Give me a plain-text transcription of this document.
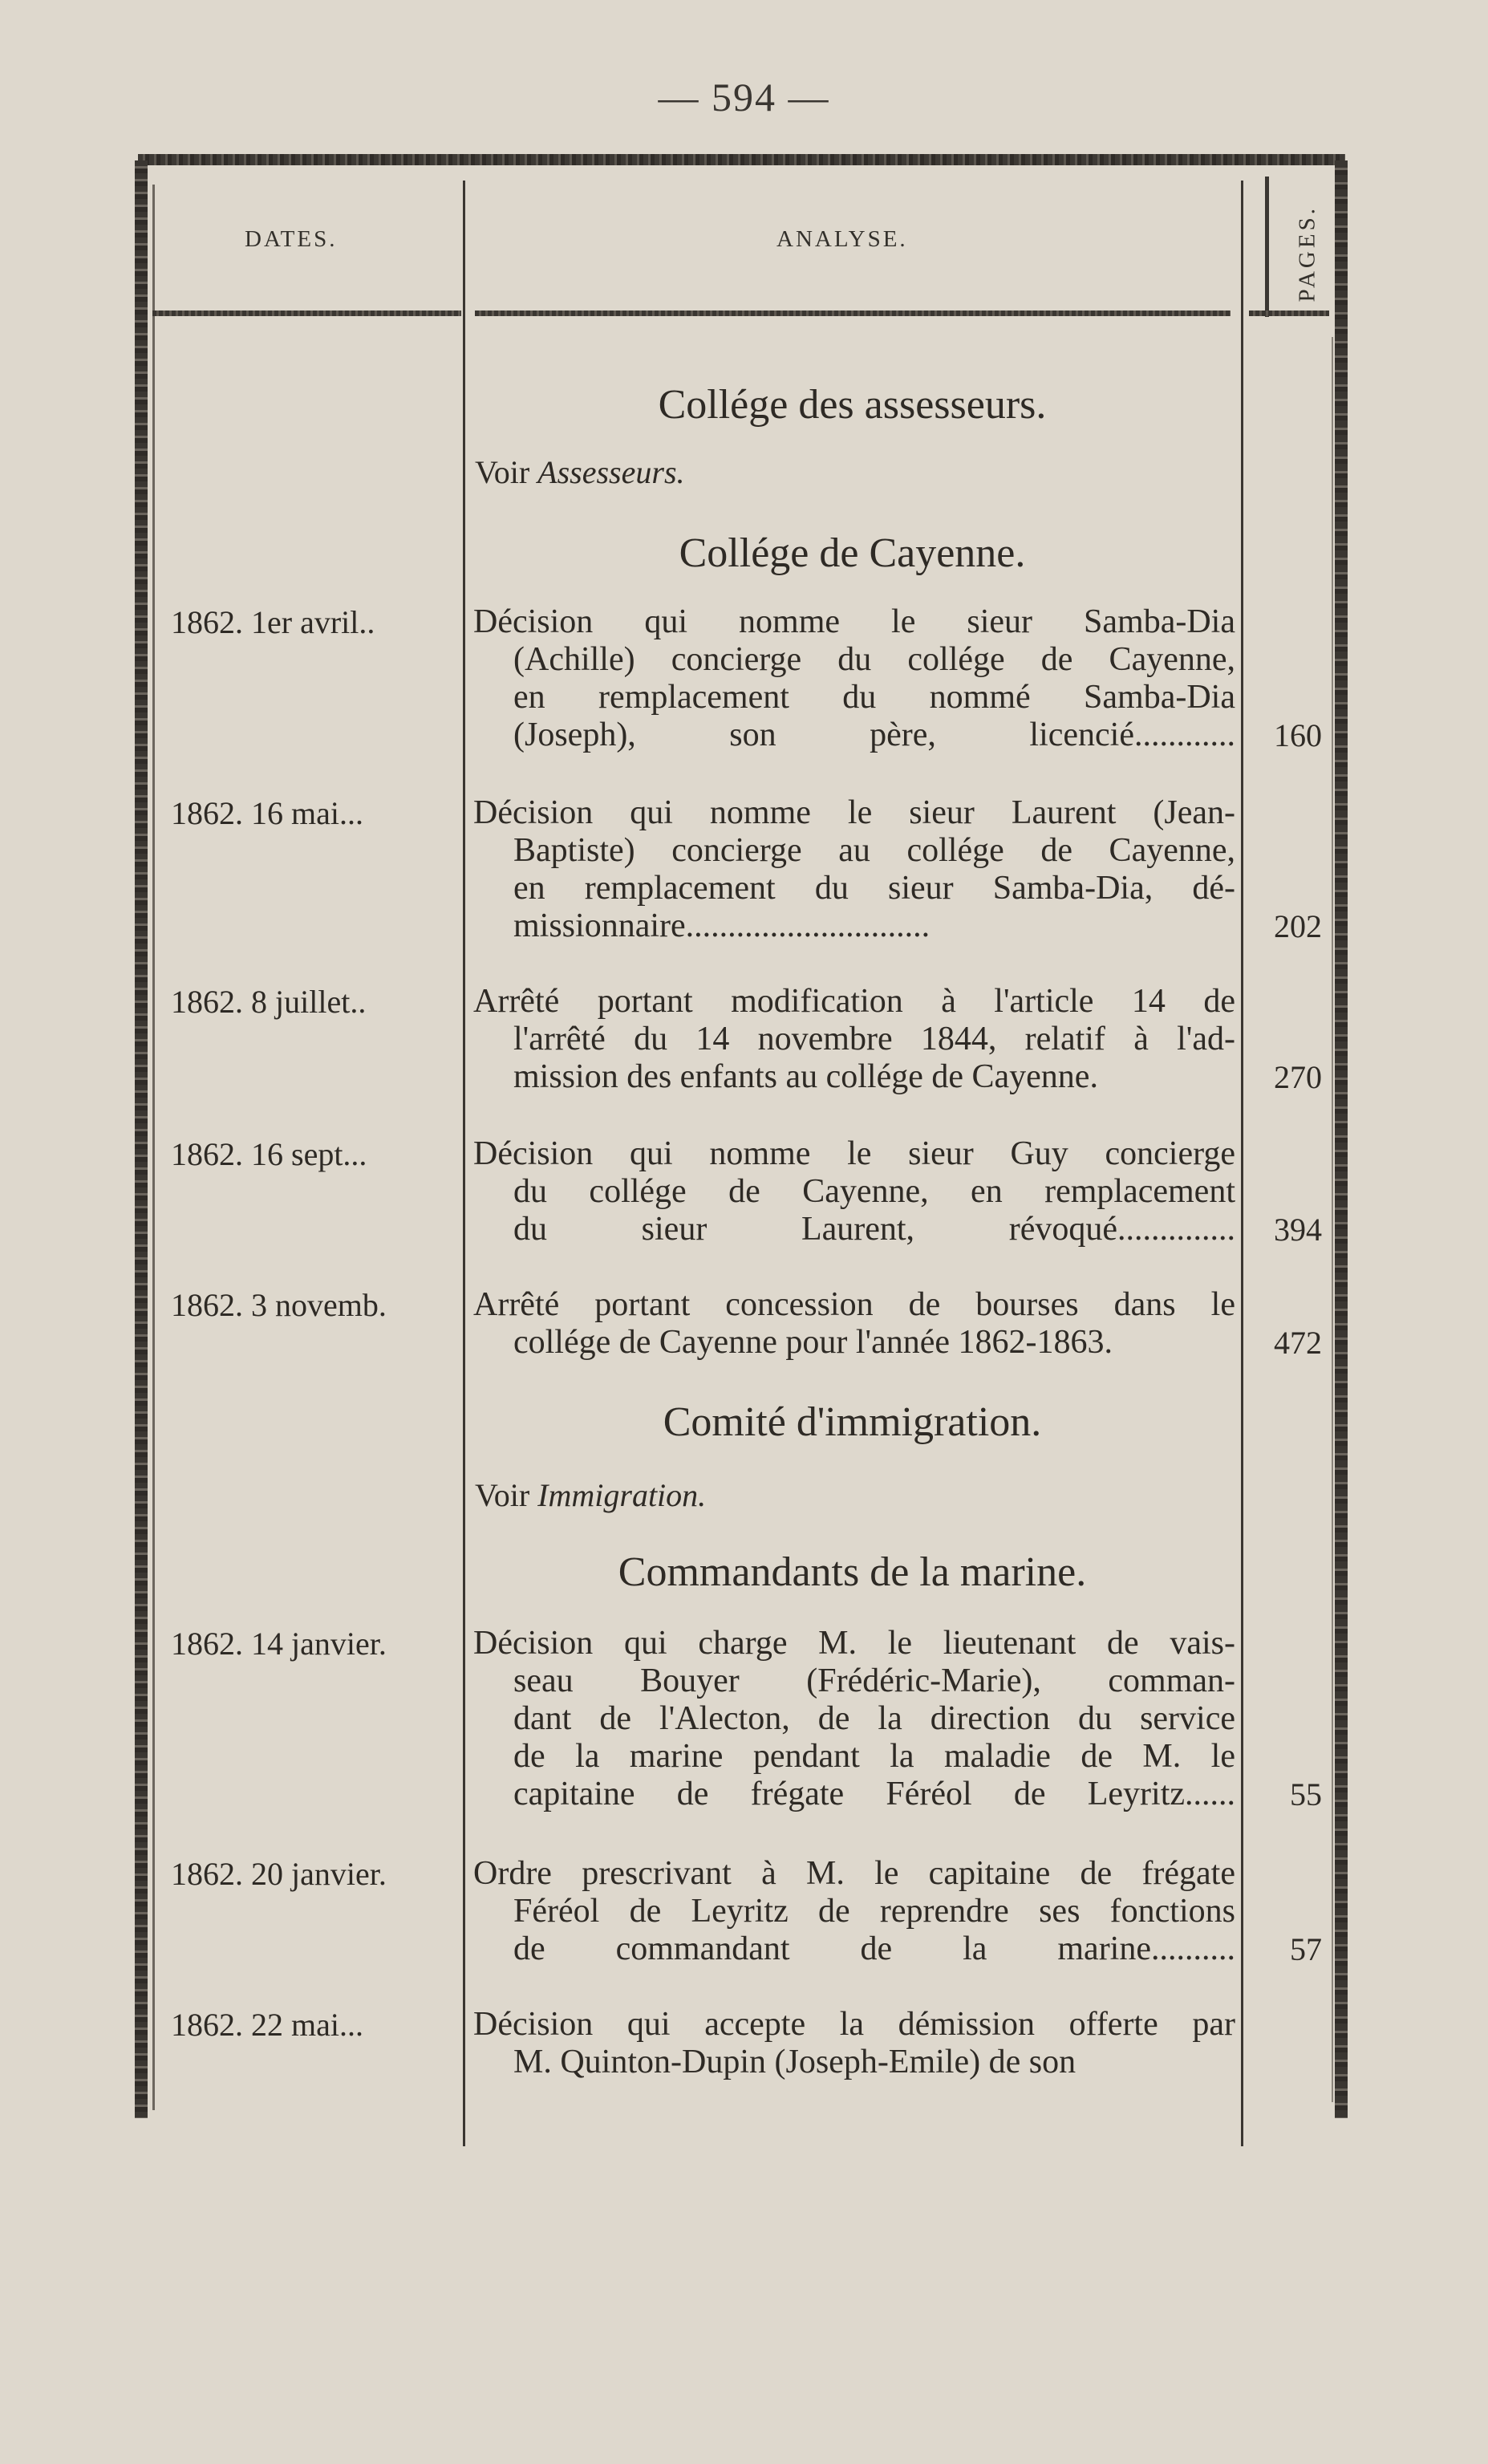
— 594 —
DATES.	ANALYSE.	PAGES.
Collége des assesseurs.
Voir Assesseurs.
Collége de Cayenne.
1862. 1er avril..	Décision qui nomme le sieur Samba-Dia
(Achille) concierge du collége de Cayenne,
en remplacement du nommé Samba-Dia
(Joseph), son père, licencié............	160
1862. 16 mai...	Décision qui nomme le sieur Laurent (Jean-
Baptiste) concierge au collége de Cayenne,
en remplacement du sieur Samba-Dia, dé-
missionnaire.............................	202
1862. 8 juillet..	Arrêté portant modification à l'article 14 de
l'arrêté du 14 novembre 1844, relatif à l'ad-
mission des enfants au collége de Cayenne.	270
1862. 16 sept...	Décision qui nomme le sieur Guy concierge
du collége de Cayenne, en remplacement
du sieur Laurent, révoqué..............	394
1862. 3 novemb.	Arrêté portant concession de bourses dans le
collége de Cayenne pour l'année 1862-1863.	472
Comité d'immigration.
Voir Immigration.
Commandants de la marine.
1862. 14 janvier.	Décision qui charge M. le lieutenant de vais-
seau Bouyer (Frédéric-Marie), comman-
dant de l'Alecton, de la direction du service
de la marine pendant la maladie de M. le
capitaine de frégate Féréol de Leyritz......	55
1862. 20 janvier.	Ordre prescrivant à M. le capitaine de frégate
Féréol de Leyritz de reprendre ses fonctions
de commandant de la marine..........	57
1862. 22 mai...	Décision qui accepte la démission offerte par
M. Quinton-Dupin (Joseph-Emile) de son
